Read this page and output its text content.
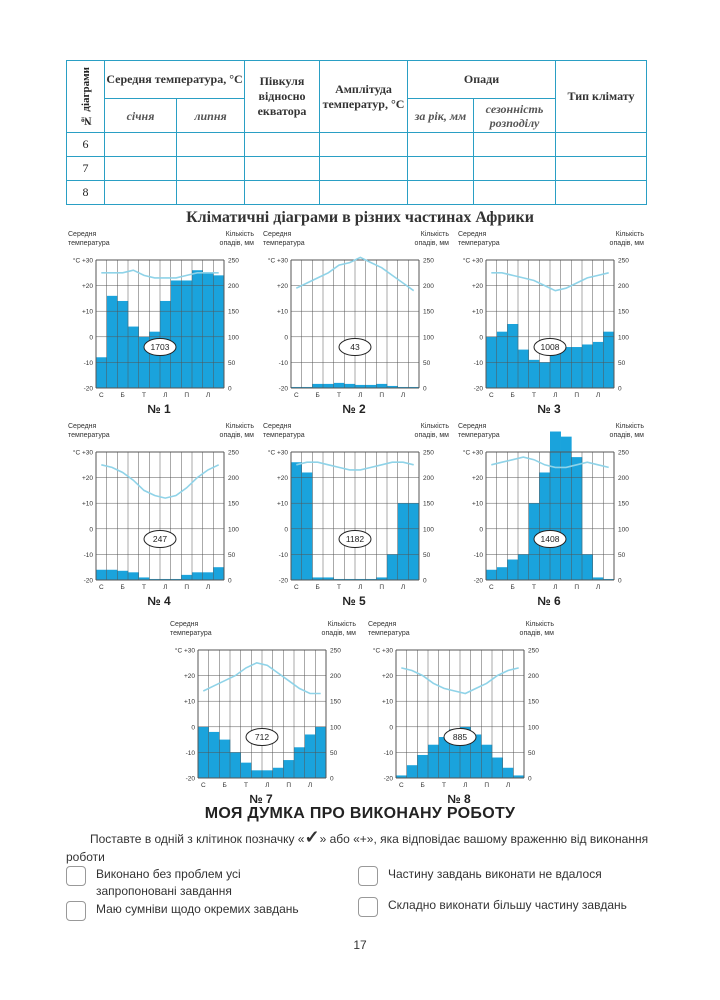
№ діаграми	Середня температура, °С		Півкуля відносно екватора	Амплітуда температур, °С	Опади		Тип клімату
	січня	липня			за рік, мм	сезонність розподілу	
6							
7							
8							
Кліматичні діаграми в різних частинах Африки
Середня температура
Кількість опадів, мм
°С +30	250
+20	200
+10	150
0	100
-10	50
-20	0
С	Б	Т	Л	П	Л
1703
№ 1
Середня температура
Кількість опадів, мм
°С +30	250
+20	200
+10	150
0	100
-10	50
-20	0
С	Б	Т	Л	П	Л
43
№ 2
Середня температура
Кількість опадів, мм
°С +30	250
+20	200
+10	150
0	100
-10	50
-20	0
С	Б	Т	Л	П	Л
1008
№ 3
Середня температура
Кількість опадів, мм
°С +30	250
+20	200
+10	150
0	100
-10	50
-20	0
С	Б	Т	Л	П	Л
247
№ 4
Середня температура
Кількість опадів, мм
°С +30	250
+20	200
+10	150
0	100
-10	50
-20	0
С	Б	Т	Л	П	Л
1182
№ 5
Середня температура
Кількість опадів, мм
°С +30	250
+20	200
+10	150
0	100
-10	50
-20	0
С	Б	Т	Л	П	Л
1408
№ 6
Середня температура
Кількість опадів, мм
°С +30	250
+20	200
+10	150
0	100
-10	50
-20	0
С	Б	Т	Л	П	Л
712
№ 7
Середня температура
Кількість опадів, мм
°С +30	250
+20	200
+10	150
0	100
-10	50
-20	0
С	Б	Т	Л	П	Л
885
№ 8
МОЯ ДУМКА ПРО ВИКОНАНУ РОБОТУ
Поставте в одній з клітинок позначку «✓» або «+», яка відповідає вашому враженню від виконання роботи
Виконано без проблем усі запропоновані завдання
Частину завдань виконати не вдалося
Маю сумніви щодо окремих завдань	Складно виконати більшу частину завдань
17
